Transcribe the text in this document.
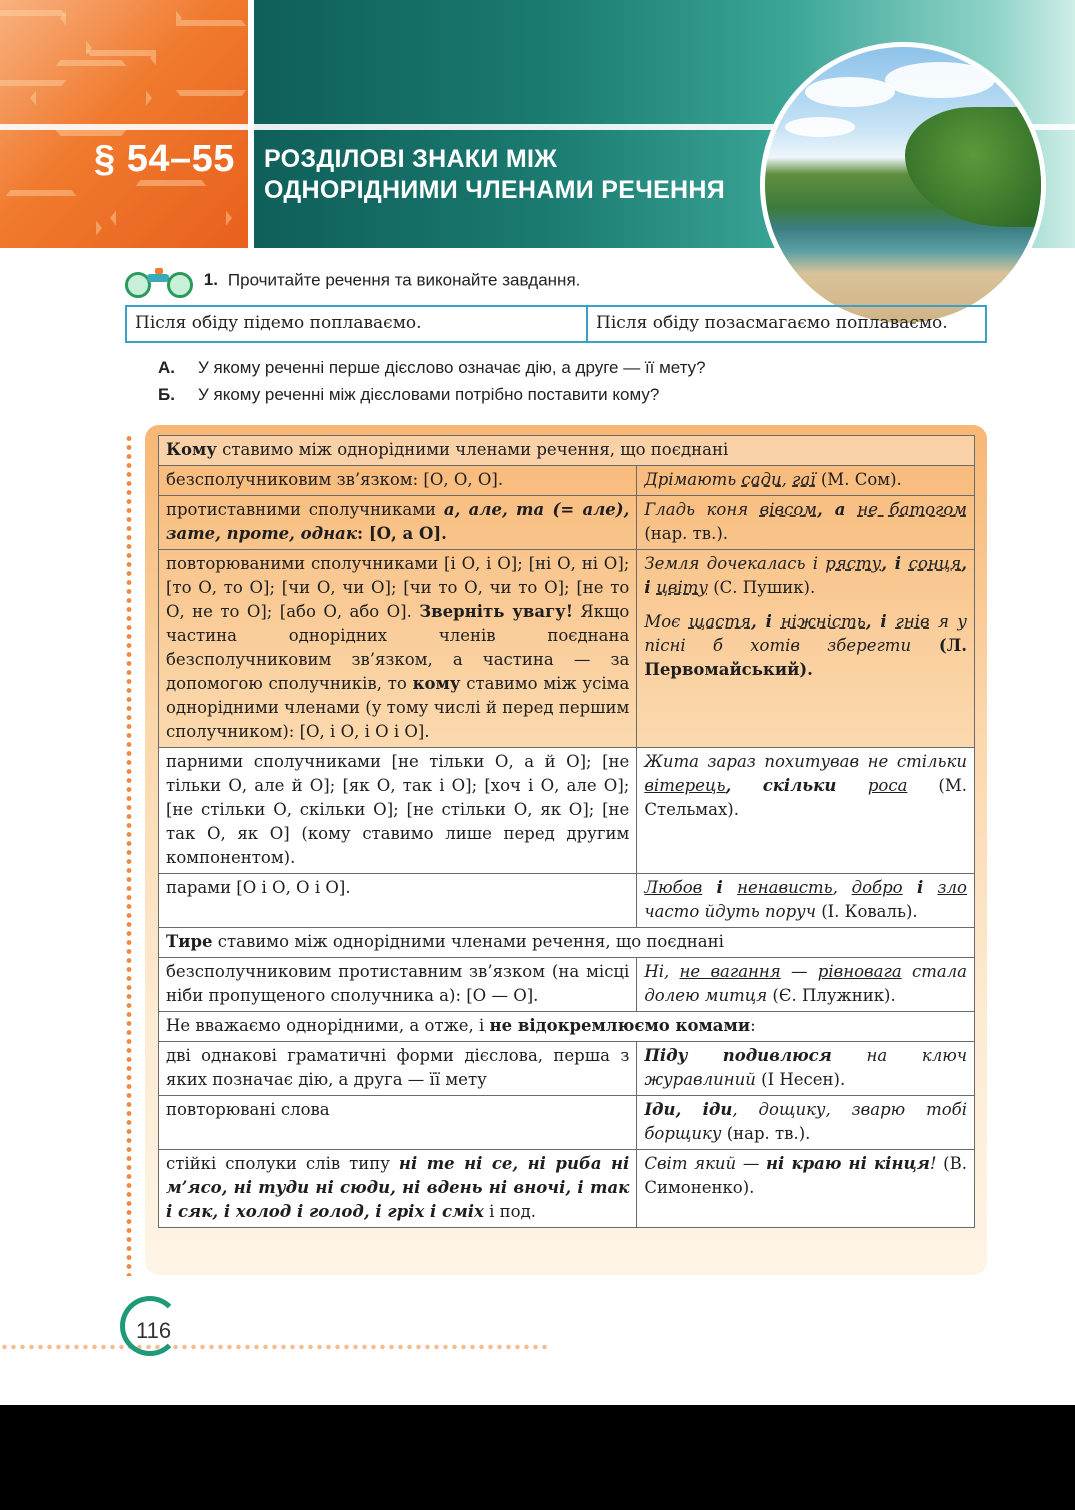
§ 54–55 РОЗДІЛОВІ ЗНАКИ МІЖ
ОДНОРІДНИМИ ЧЛЕНАМИ РЕЧЕННЯ
1. Прочитайте речення та виконайте завдання.
Після обіду підемо поплаваємо.	Після обіду позасмагаємо поплаваємо.
А. У якому реченні перше дієслово означає дію, а друге — її мету?
Б. У якому реченні між дієсловами потрібно поставити кому?
Кому ставимо між однорідними членами речення, що поєднані	
безсполучниковим зв’язком: [О, О, О].	Дрімають сади, гаї (М. Сом).
протиставними сполучниками а, але, та (= але), зате, проте, однак: [О, а О].	Гладь коня вівсом, а не батогом (нар. тв.).
повторюваними сполучниками [і О, і О]; [ні О, ні О]; [то О, то О]; [чи О, чи О]; [чи то О, чи то О]; [не то О, не то О]; [або О, або О]. Зверніть увагу! Якщо частина однорідних членів поєднана безсполучниковим зв’язком, а частина — за допомогою сполучників, то кому ставимо між усіма однорідними членами (у тому числі й перед першим сполучником): [О, і О, і О і О].	Земля дочекалась і рясту, і сонця, і цвіту (С. Пушик).
Моє щастя, і ніжність, і гнів я у пісні б хотів зберегти (Л. Первомайський).
парними сполучниками [не тільки О, а й О]; [не тільки О, але й О]; [як О, так і О]; [хоч і О, але О]; [не стільки О, скільки О]; [не стільки О, як О]; [не так О, як О] (кому ставимо лише перед другим компонентом).	Жита зараз похитував не стільки вітерець, скільки роса (М. Стельмах).
парами [О і О, О і О].	Любов і ненависть, добро і зло часто йдуть поруч (І. Коваль).
Тире ставимо між однорідними членами речення, що поєднані	
безсполучниковим протиставним зв’язком (на місці ніби пропущеного сполучника а): [О — О].	Ні, не вагання — рівновага стала долею митця (Є. Плужник).
Не вважаємо однорідними, а отже, і не відокремлюємо комами:	
дві однакові граматичні форми дієслова, перша з яких позначає дію, а друга — її мету	Піду подивлюся на ключ журавлиний (І Несен).
повторювані слова	Іди, іди, дощику, зварю тобі борщику (нар. тв.).
стійкі сполуки слів типу ні те ні се, ні риба ні м’ясо, ні туди ні сюди, ні вдень ні вночі, і так і сяк, і холод і голод, і гріх і сміх і под.	Світ який — ні краю ні кінця! (В. Симоненко).
116
